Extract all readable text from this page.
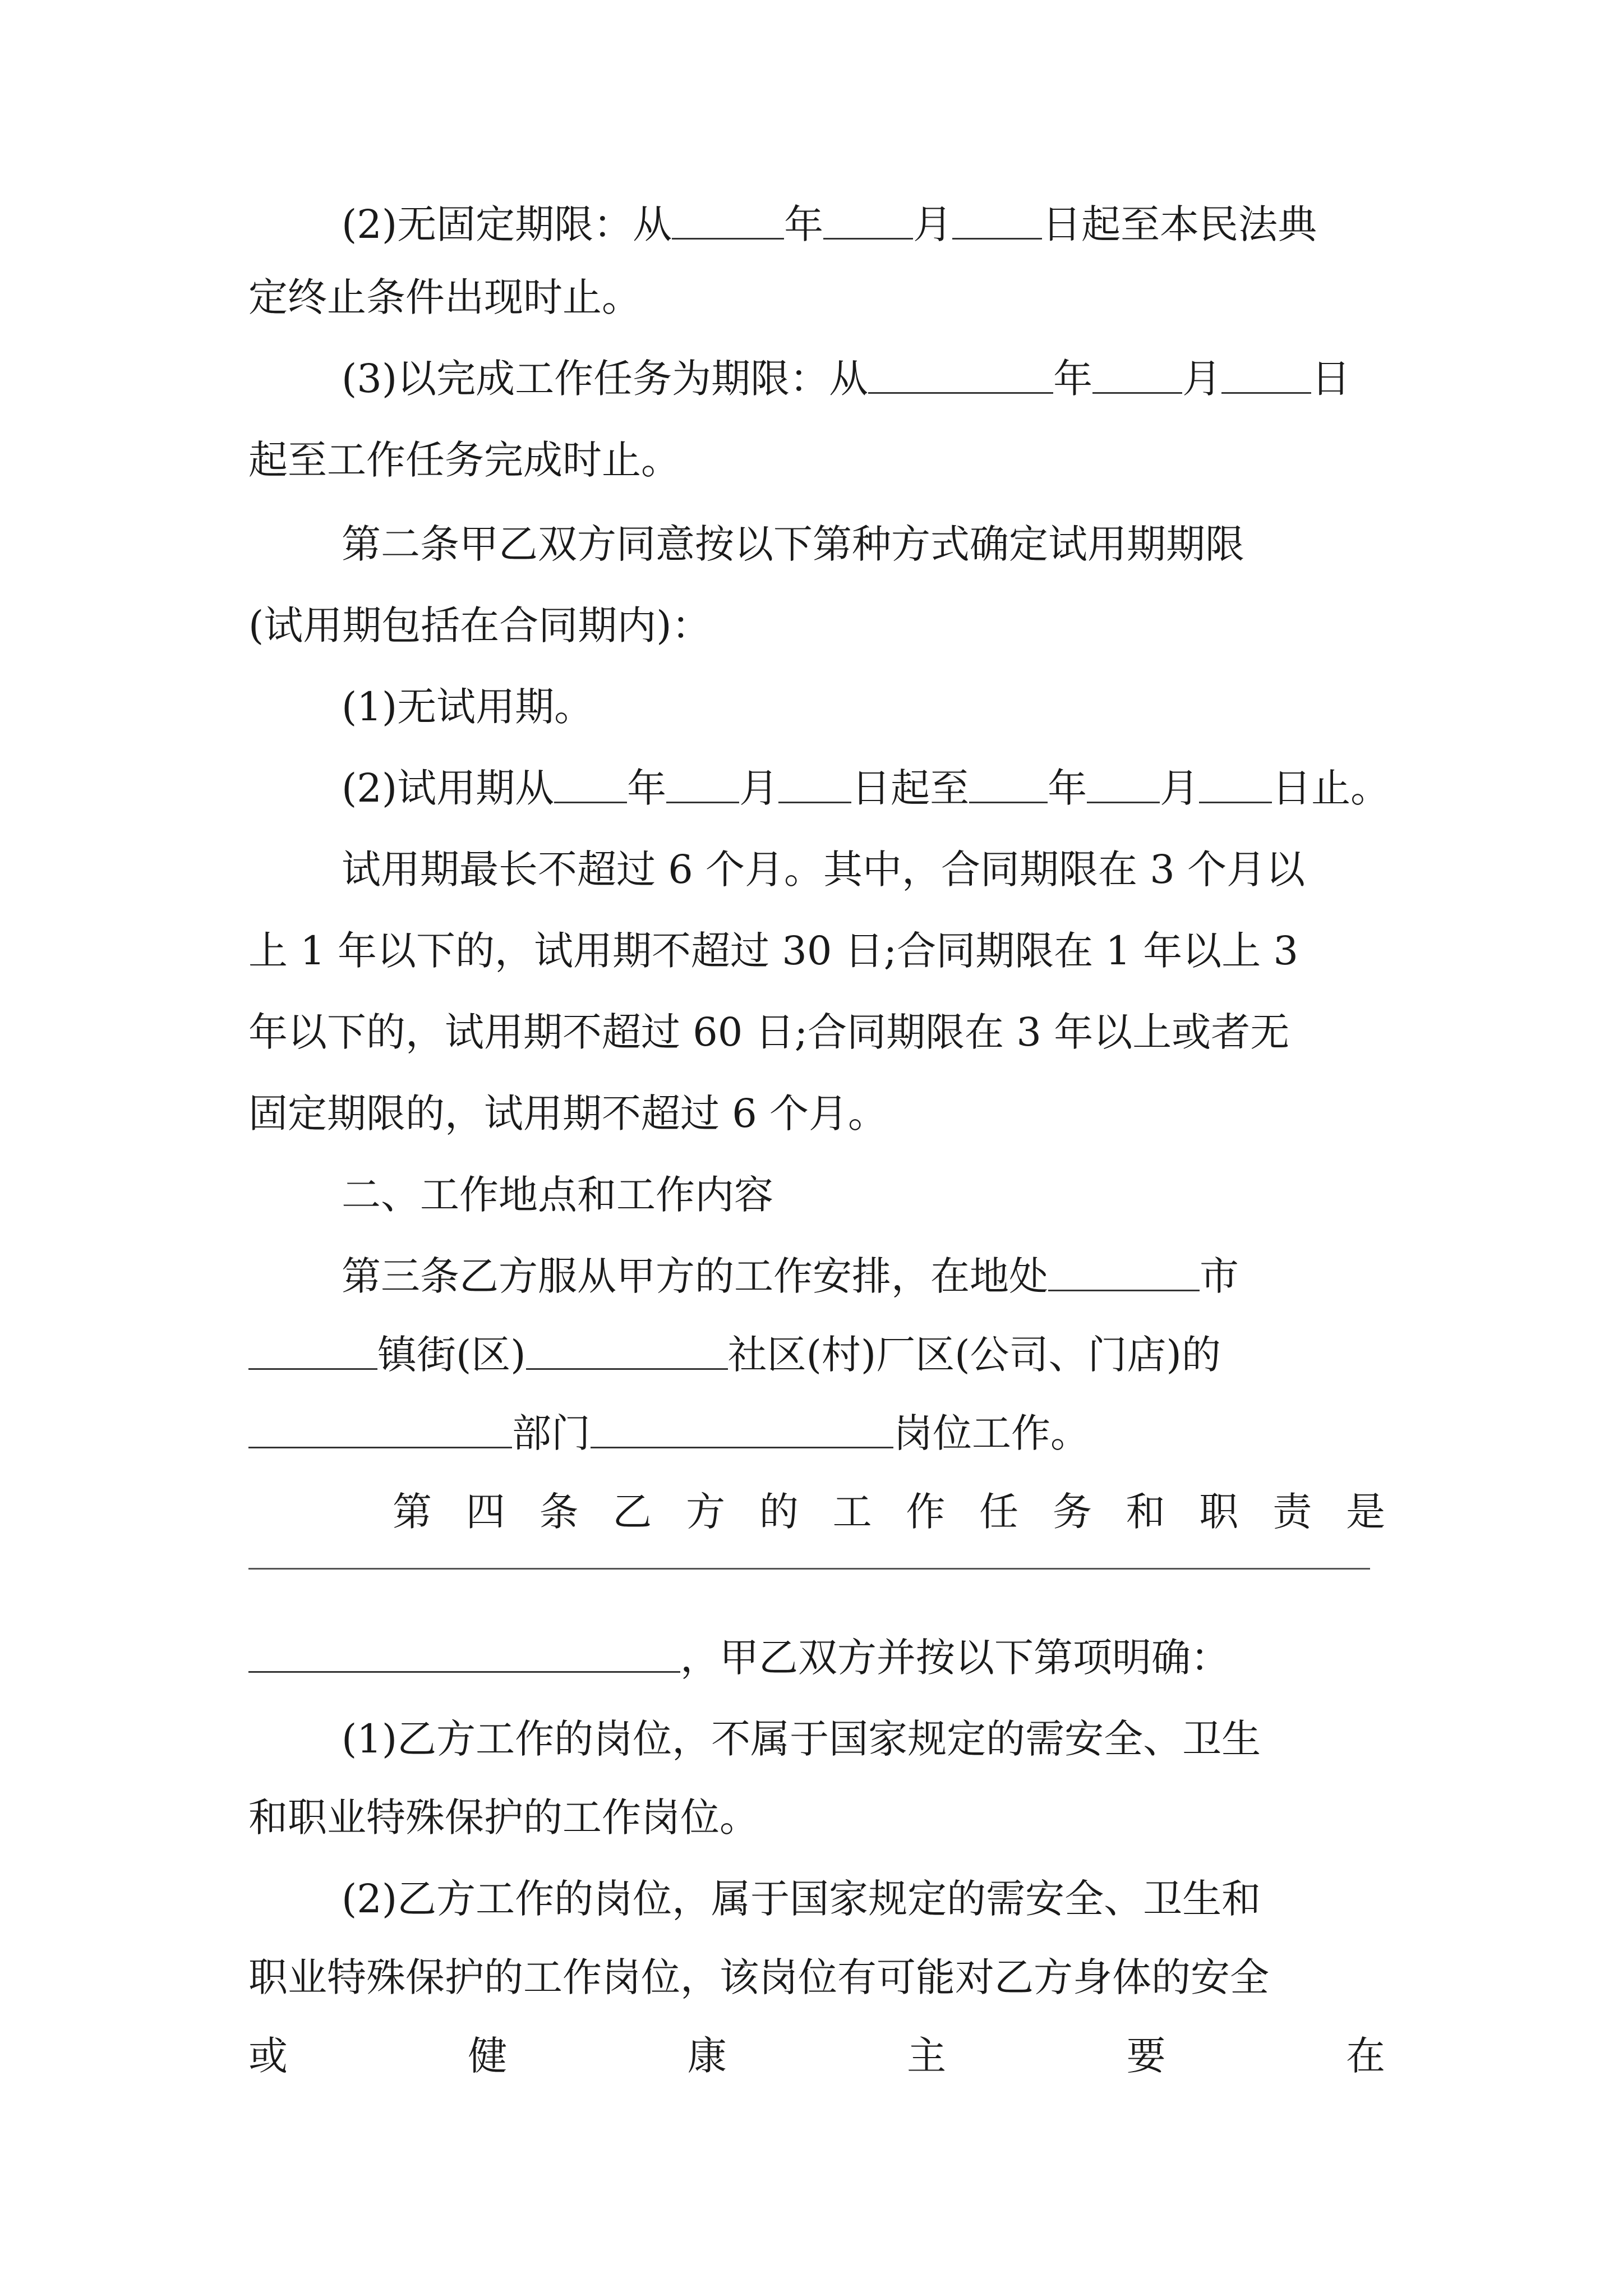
(2)无固定期限：从	年 月 日起至本民法典
定终止条件出现时止。
(3)以完成工作任务为期限：从	年 月 日
起至工作任务完成时止。
第二条甲乙双方同意按以下第种方式确定试用期期限
(试用期包括在合同期内)：
(1)无试用期。
(2)试用期从 年 月 日起至 年 月 日止。
试用期最长不超过 6 个月。其中，合同期限在 3 个月以
上 1 年以下的，试用期不超过 30 日;合同期限在 1 年以上 3
年以下的，试用期不超过 60 日;合同期限在 3 年以上或者无
固定期限的，试用期不超过 6 个月。
二、工作地点和工作内容
第三条乙方服从甲方的工作安排，在地处	市
镇街(区)	社区(村)厂区(公司、门店)的
部门	岗位工作。
第 四 条 乙 方 的 工 作 任 务 和 职 责 是
，甲乙双方并按以下第项明确：
(1)乙方工作的岗位，不属于国家规定的需安全、卫生
和职业特殊保护的工作岗位。
(2)乙方工作的岗位，属于国家规定的需安全、卫生和
职业特殊保护的工作岗位，该岗位有可能对乙方身体的安全
或	健	康	主	要	在
